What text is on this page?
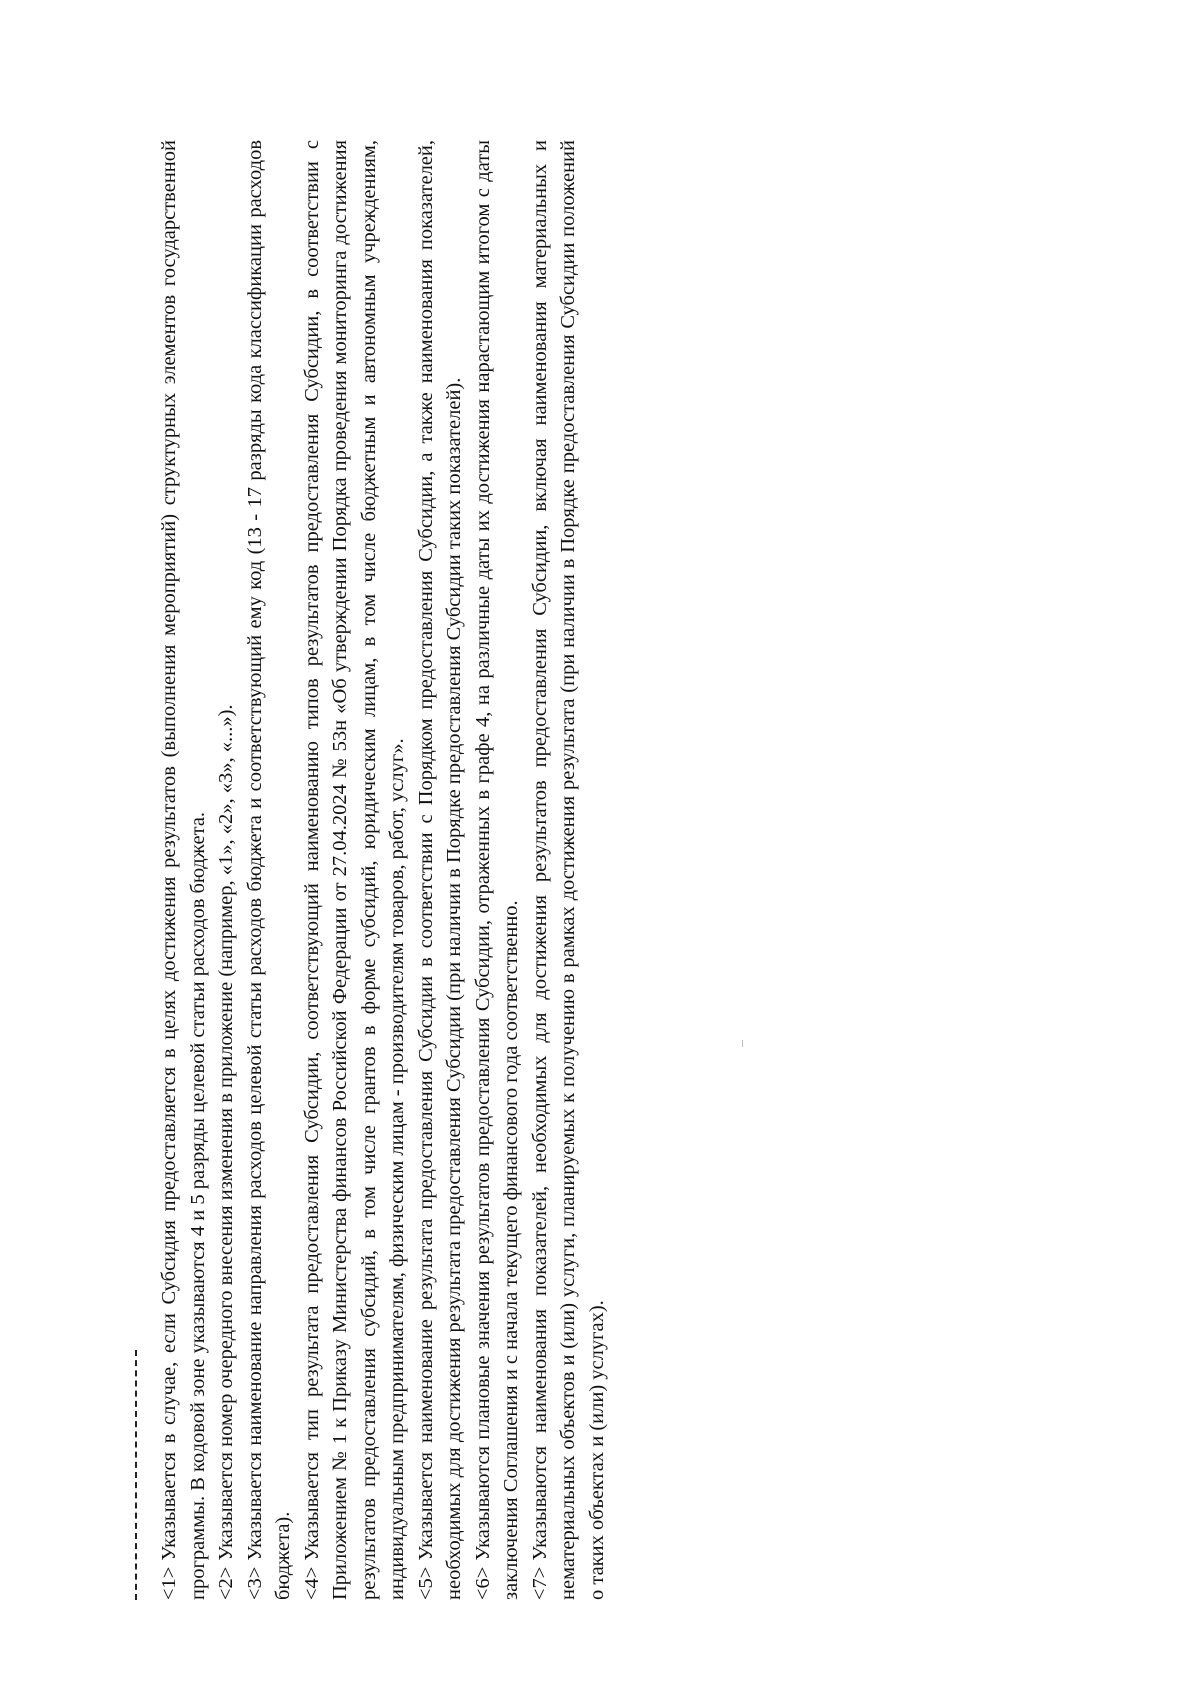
<1>Указывается в случае, если Субсидия предоставляется в целях достижения результатов (выполнения мероприятий) структурных элементов государственной программы. В кодовой зоне указываются 4 и 5 разряды целевой статьи расходов бюджета. <2>Указывается номер очередного внесения изменения в приложение (например, «1», «2», «3», «...»).

<3>Указывается наименование направления расходов целевой статьи расходов бюджета и соответствующий ему код (13 - 17 разряды кода классификации расходов бюджета). <4>Указывается тип результата предоставления Субсидии, соответствующий наименованию типов результатов предоставления Субсидии, в соответствии с Приложением № 1 к Приказу Министерства финансов Российской Федерации от 27.04.2024 № 53н «Об утверждении Порядка проведения мониторинга достижения результатов предоставления субсидий, в том числе грантов в форме субсидий, юридическим лицам, в том числе бюджетным и автономным учреждениям, индивидуальным предпринимателям, физическим лицам - производителям товаров, работ, услуг». <5>Указывается наименование результата предоставления Субсидии в соответствии с Порядком предоставления Субсидии, а также наименования показателей, необходимых для достижения результата предоставления Субсидии (при наличии в Порядке предоставления Субсидии таких показателей). <6>Указываются плановые значения результатов предоставления Субсидии, отраженных в графе 4, на различные даты их достижения нарастающим итогом с даты заключения Соглашения и с начала текущего финансового года соответственно. <7>Указываются наименования показателей, необходимых для достижения результатов предоставления Субсидии, включая наименования материальных и нематериальных объектов и (или) услуги, планируемых к получению в рамках достижения результата (при наличии в Порядке предоставления Субсидии положений о таких объектах и (или) услугах).
